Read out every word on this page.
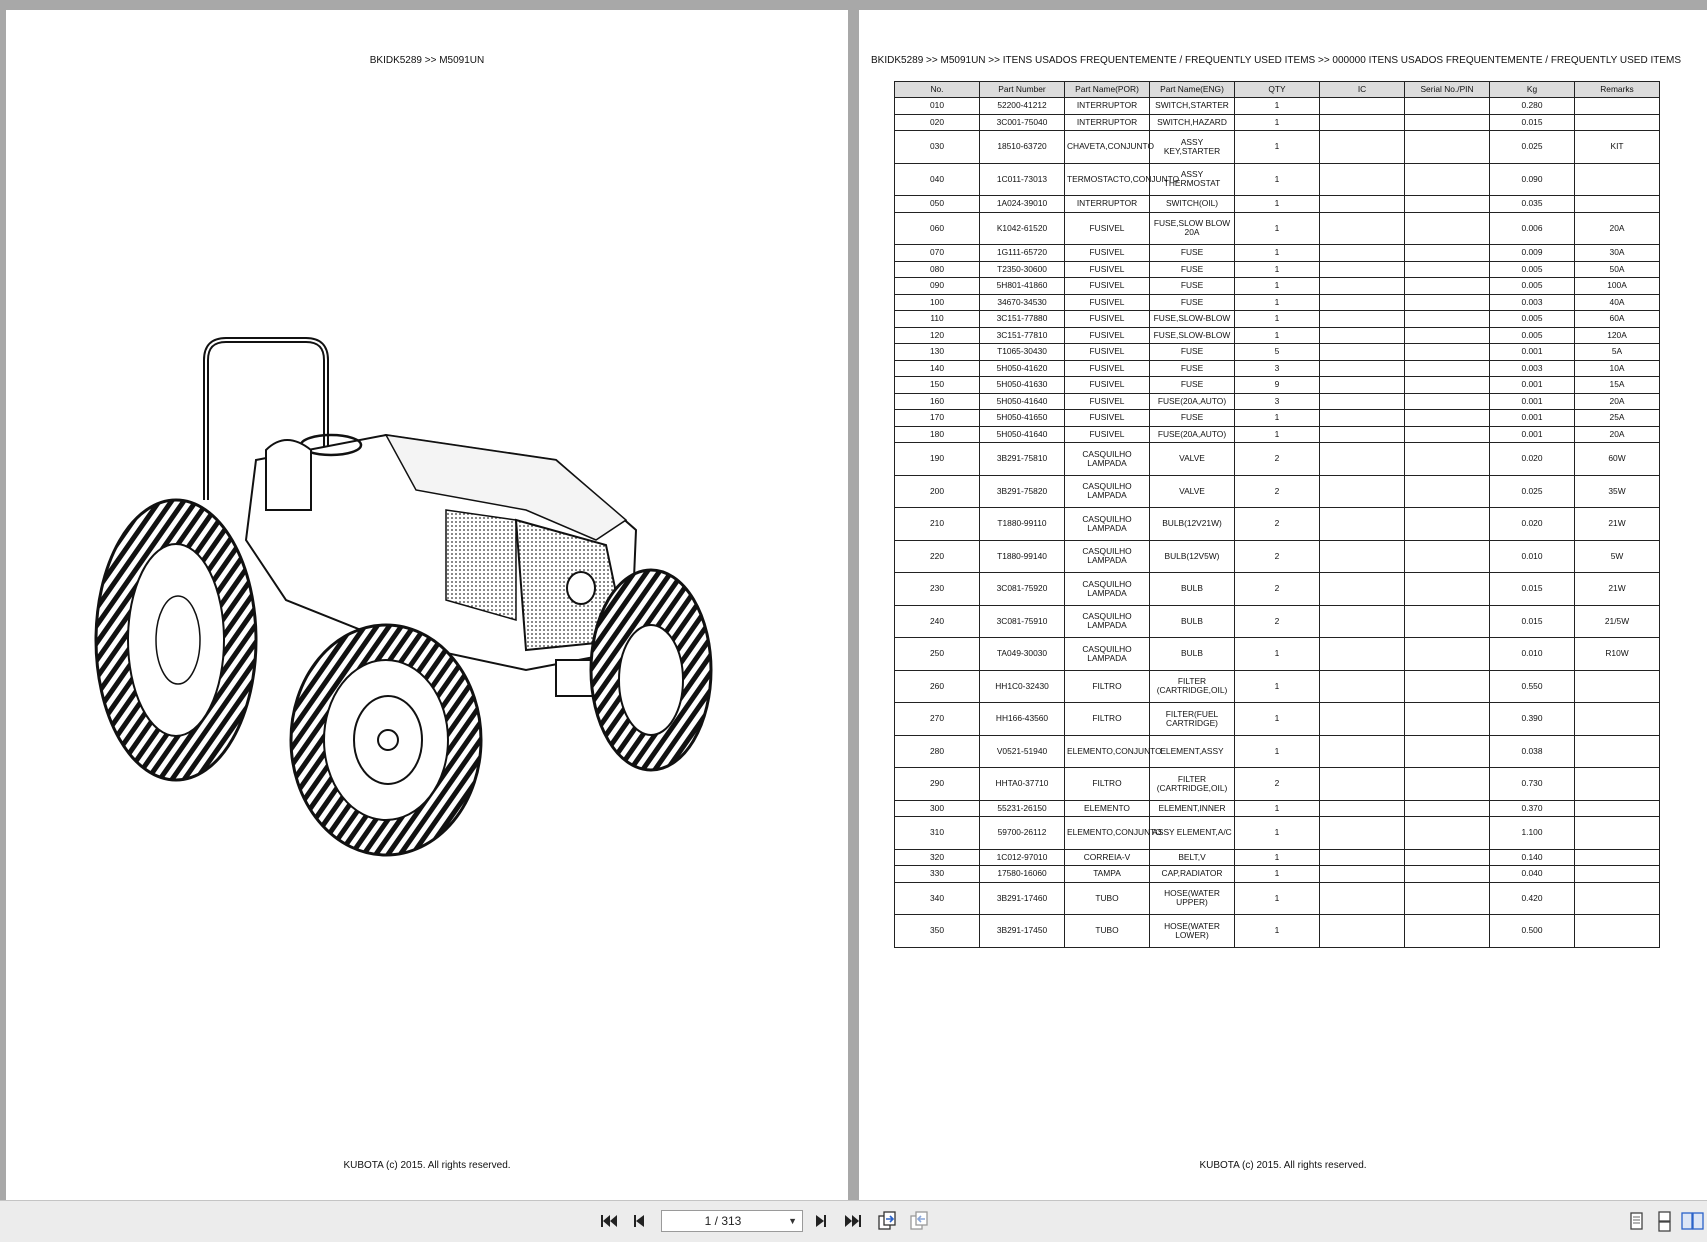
BKIDK5289 >> M5091UN
KUBOTA (c) 2015. All rights reserved.
BKIDK5289 >> M5091UN >> ITENS USADOS FREQUENTEMENTE / FREQUENTLY USED ITEMS >> 000000 ITENS USADOS FREQUENTEMENTE / FREQUENTLY USED ITEMS
No.	Part Number	Part Name(POR)	Part Name(ENG)	QTY	IC	Serial No./PIN	Kg	Remarks
010	52200-41212	INTERRUPTOR	SWITCH,STARTER	1			0.280	
020	3C001-75040	INTERRUPTOR	SWITCH,HAZARD	1			0.015	
030	18510-63720	CHAVETA,CONJUNTO	ASSY KEY,STARTER	1			0.025	KIT
040	1C011-73013	TERMOSTACTO,CONJUNTO	ASSY THERMOSTAT	1			0.090	
050	1A024-39010	INTERRUPTOR	SWITCH(OIL)	1			0.035	
060	K1042-61520	FUSIVEL	FUSE,SLOW BLOW 20A	1			0.006	20A
070	1G111-65720	FUSIVEL	FUSE	1			0.009	30A
080	T2350-30600	FUSIVEL	FUSE	1			0.005	50A
090	5H801-41860	FUSIVEL	FUSE	1			0.005	100A
100	34670-34530	FUSIVEL	FUSE	1			0.003	40A
110	3C151-77880	FUSIVEL	FUSE,SLOW-BLOW	1			0.005	60A
120	3C151-77810	FUSIVEL	FUSE,SLOW-BLOW	1			0.005	120A
130	T1065-30430	FUSIVEL	FUSE	5			0.001	5A
140	5H050-41620	FUSIVEL	FUSE	3			0.003	10A
150	5H050-41630	FUSIVEL	FUSE	9			0.001	15A
160	5H050-41640	FUSIVEL	FUSE(20A,AUTO)	3			0.001	20A
170	5H050-41650	FUSIVEL	FUSE	1			0.001	25A
180	5H050-41640	FUSIVEL	FUSE(20A,AUTO)	1			0.001	20A
190	3B291-75810	CASQUILHO LAMPADA	VALVE	2			0.020	60W
200	3B291-75820	CASQUILHO LAMPADA	VALVE	2			0.025	35W
210	T1880-99110	CASQUILHO LAMPADA	BULB(12V21W)	2			0.020	21W
220	T1880-99140	CASQUILHO LAMPADA	BULB(12V5W)	2			0.010	5W
230	3C081-75920	CASQUILHO LAMPADA	BULB	2			0.015	21W
240	3C081-75910	CASQUILHO LAMPADA	BULB	2			0.015	21/5W
250	TA049-30030	CASQUILHO LAMPADA	BULB	1			0.010	R10W
260	HH1C0-32430	FILTRO	FILTER (CARTRIDGE,OIL)	1			0.550	
270	HH166-43560	FILTRO	FILTER(FUEL CARTRIDGE)	1			0.390	
280	V0521-51940	ELEMENTO,CONJUNTO	ELEMENT,ASSY	1			0.038	
290	HHTA0-37710	FILTRO	FILTER (CARTRIDGE,OIL)	2			0.730	
300	55231-26150	ELEMENTO	ELEMENT,INNER	1			0.370	
310	59700-26112	ELEMENTO,CONJUNTO	ASSY ELEMENT,A/C	1			1.100	
320	1C012-97010	CORREIA-V	BELT,V	1			0.140	
330	17580-16060	TAMPA	CAP,RADIATOR	1			0.040	
340	3B291-17460	TUBO	HOSE(WATER UPPER)	1			0.420	
350	3B291-17450	TUBO	HOSE(WATER LOWER)	1			0.500	
KUBOTA (c) 2015. All rights reserved.
1 / 313	▼
